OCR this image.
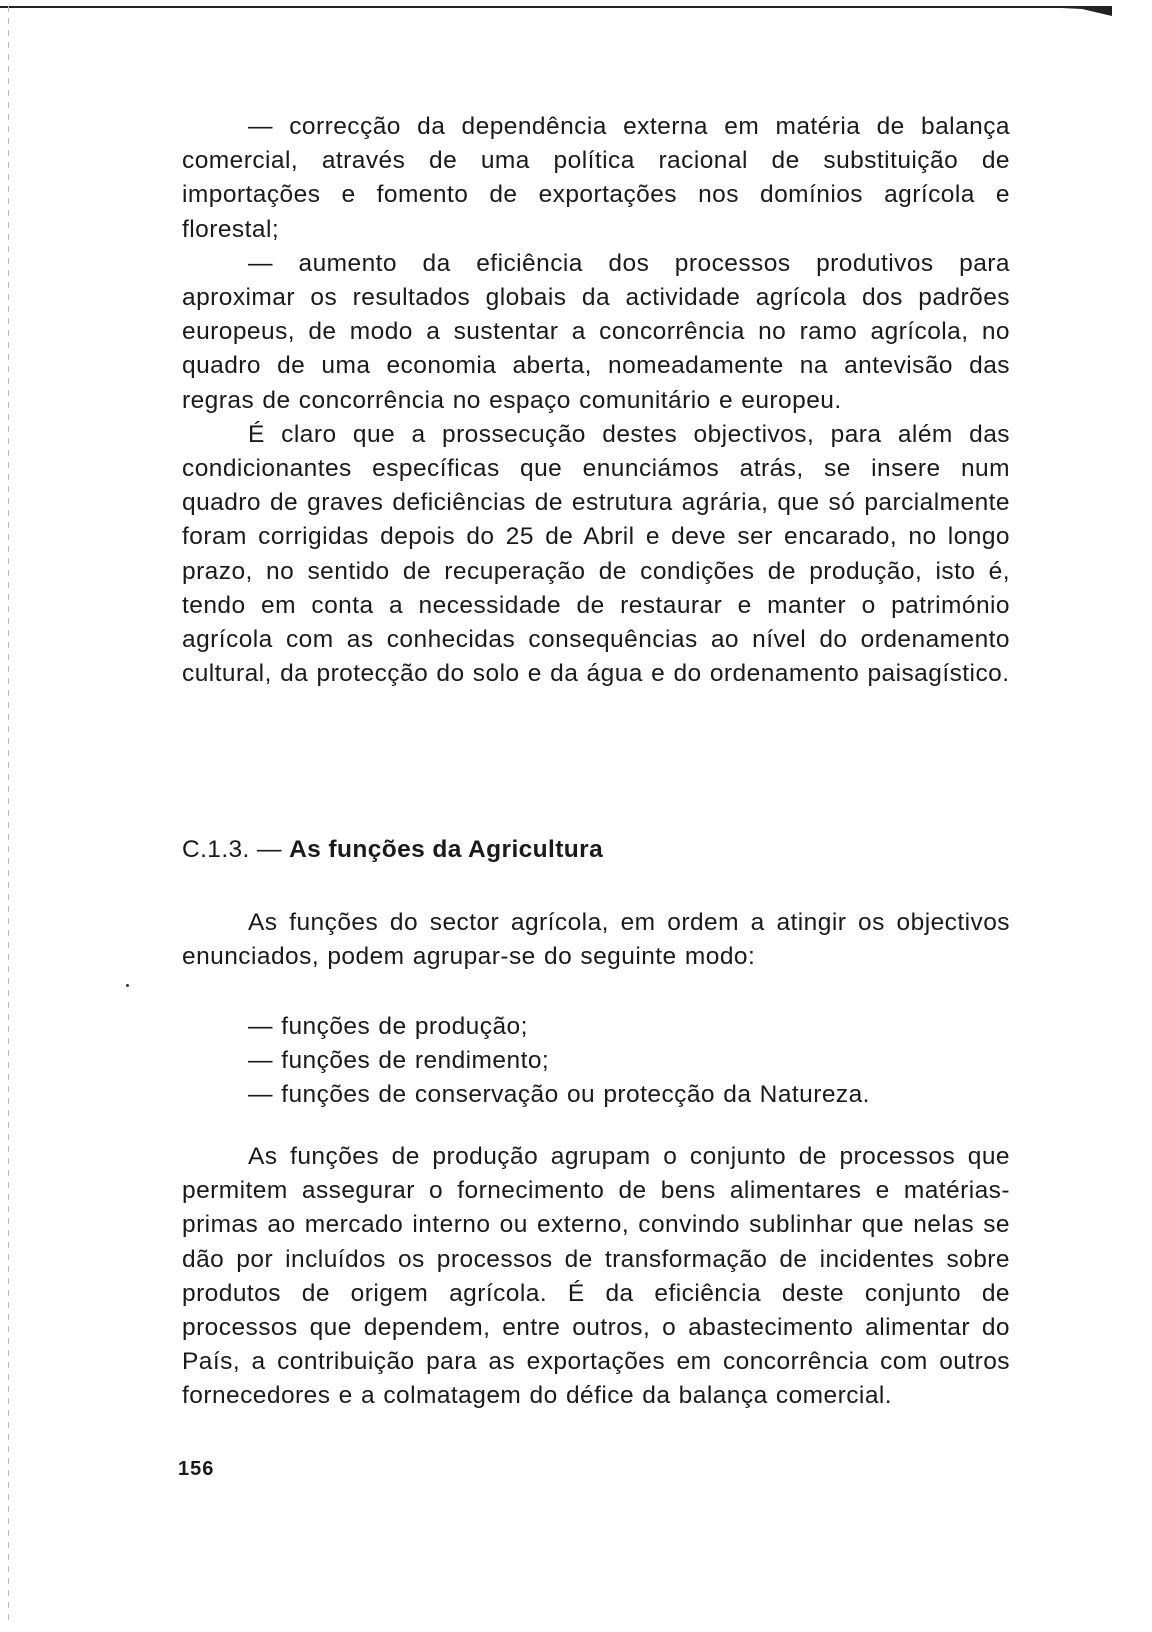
— correcção da dependência externa em matéria de balança comercial, através de uma política racional de substituição de importações e fomento de exportações nos domínios agrícola e florestal;

— aumento da eficiência dos processos produtivos para aproximar os resultados globais da actividade agrícola dos padrões europeus, de modo a sustentar a concorrência no ramo agrícola, no quadro de uma economia aberta, nomeadamente na antevisão das regras de concorrência no espaço comunitário e europeu.

É claro que a prossecução destes objectivos, para além das condicionantes específicas que enunciámos atrás, se insere num quadro de graves deficiências de estrutura agrária, que só parcialmente foram corrigidas depois do 25 de Abril e deve ser encarado, no longo prazo, no sentido de recuperação de condições de produção, isto é, tendo em conta a necessidade de restaurar e manter o património agrícola com as conhecidas consequências ao nível do ordenamento cultural, da protecção do solo e da água e do ordenamento paisagístico.

C.1.3. — As funções da Agricultura

As funções do sector agrícola, em ordem a atingir os objectivos enunciados, podem agrupar-se do seguinte modo:

— funções de produção;

— funções de rendimento;

— funções de conservação ou protecção da Natureza.

As funções de produção agrupam o conjunto de processos que permitem assegurar o fornecimento de bens alimentares e matérias-primas ao mercado interno ou externo, convindo sublinhar que nelas se dão por incluídos os processos de transformação de incidentes sobre produtos de origem agrícola. É da eficiência deste conjunto de processos que dependem, entre outros, o abastecimento alimentar do País, a contribuição para as exportações em concorrência com outros fornecedores e a colmatagem do défice da balança comercial.

156
